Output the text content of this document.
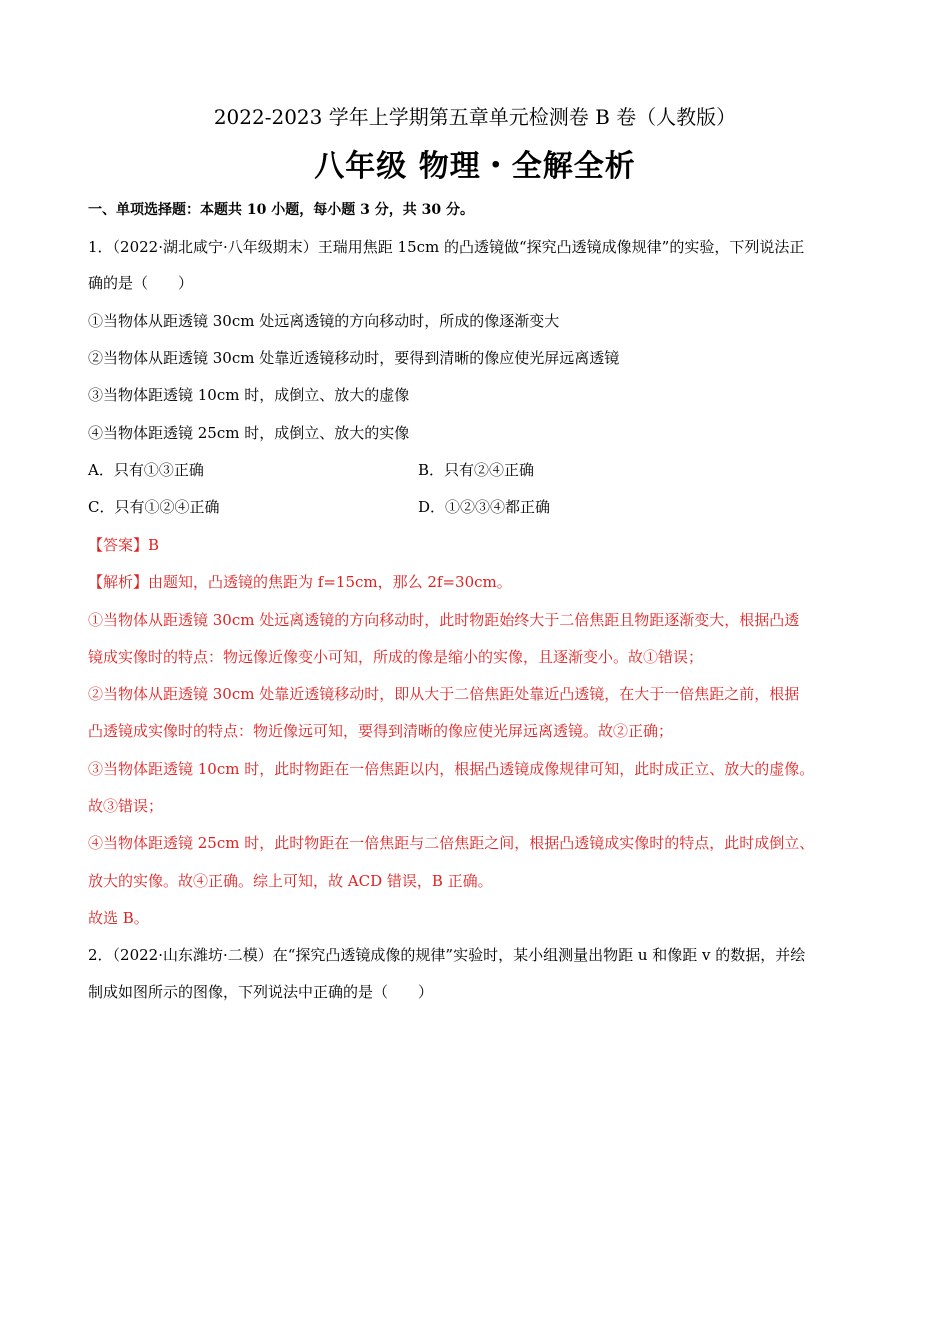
2022-2023 学年上学期第五章单元检测卷 B 卷（人教版）
八年级 物理・全解全析
一、单项选择题：本题共 10 小题，每小题 3 分，共 30 分。
1．（2022·湖北咸宁·八年级期末）王瑞用焦距 15cm 的凸透镜做“探究凸透镜成像规律”的实验，下列说法正
确的是（　　）
①当物体从距透镜 30cm 处远离透镜的方向移动时，所成的像逐渐变大
②当物体从距透镜 30cm 处靠近透镜移动时，要得到清晰的像应使光屏远离透镜
③当物体距透镜 10cm 时，成倒立、放大的虚像
④当物体距透镜 25cm 时，成倒立、放大的实像
A．只有①③正确	B．只有②④正确
C．只有①②④正确	D．①②③④都正确
【答案】B
【解析】由题知，凸透镜的焦距为 f=15cm，那么 2f=30cm。
①当物体从距透镜 30cm 处远离透镜的方向移动时，此时物距始终大于二倍焦距且物距逐渐变大，根据凸透
镜成实像时的特点：物远像近像变小可知，所成的像是缩小的实像，且逐渐变小。故①错误；
②当物体从距透镜 30cm 处靠近透镜移动时，即从大于二倍焦距处靠近凸透镜，在大于一倍焦距之前，根据
凸透镜成实像时的特点：物近像远可知，要得到清晰的像应使光屏远离透镜。故②正确；
③当物体距透镜 10cm 时，此时物距在一倍焦距以内，根据凸透镜成像规律可知，此时成正立、放大的虚像。
故③错误；
④当物体距透镜 25cm 时，此时物距在一倍焦距与二倍焦距之间，根据凸透镜成实像时的特点，此时成倒立、
放大的实像。故④正确。综上可知，故 ACD 错误，B 正确。
故选 B。
2．（2022·山东潍坊·二模）在“探究凸透镜成像的规律”实验时，某小组测量出物距 u 和像距 v 的数据，并绘
制成如图所示的图像，下列说法中正确的是（　　）
